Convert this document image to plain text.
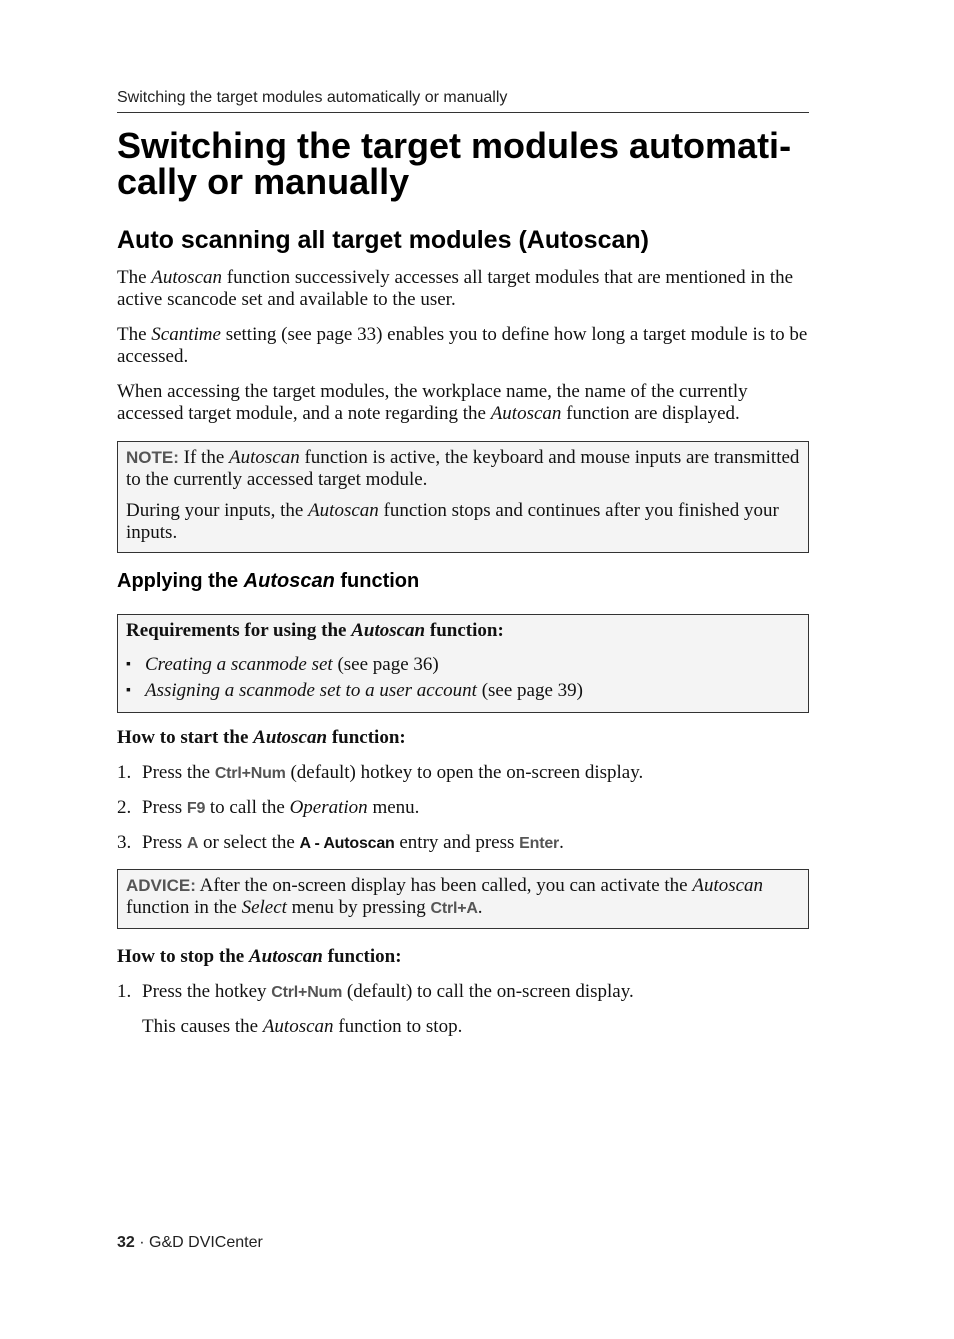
Switching the target modules automatically or manually
Switching the target modules automati-
cally or manually
Auto scanning all target modules (Autoscan)

The Autoscan function successively accesses all target modules that are mentioned in the active scancode set and available to the user.

The Scantime setting (see page 33) enables you to define how long a target module is to be accessed.

When accessing the target modules, the workplace name, the name of the currently accessed target module, and a note regarding the Autoscan function are displayed.

NOTE: If the Autoscan function is active, the keyboard and mouse inputs are transmitted to the currently accessed target module.

During your inputs, the Autoscan function stops and continues after you finished your inputs.

Applying the Autoscan function
Requirements for using the Autoscan function:
▪ Creating a scanmode set (see page 36)
▪ Assigning a scanmode set to a user account (see page 39)

How to start the Autoscan function:

1. Press the Ctrl+Num (default) hotkey to open the on-screen display.
2. Press F9 to call the Operation menu.
3. Press A or select the A - Autoscan entry and press Enter.

ADVICE: After the on-screen display has been called, you can activate the Autoscan function in the Select menu by pressing Ctrl+A.

How to stop the Autoscan function:

1. Press the hotkey Ctrl+Num (default) to call the on-screen display.

This causes the Autoscan function to stop.

32 · G&D DVICenter
